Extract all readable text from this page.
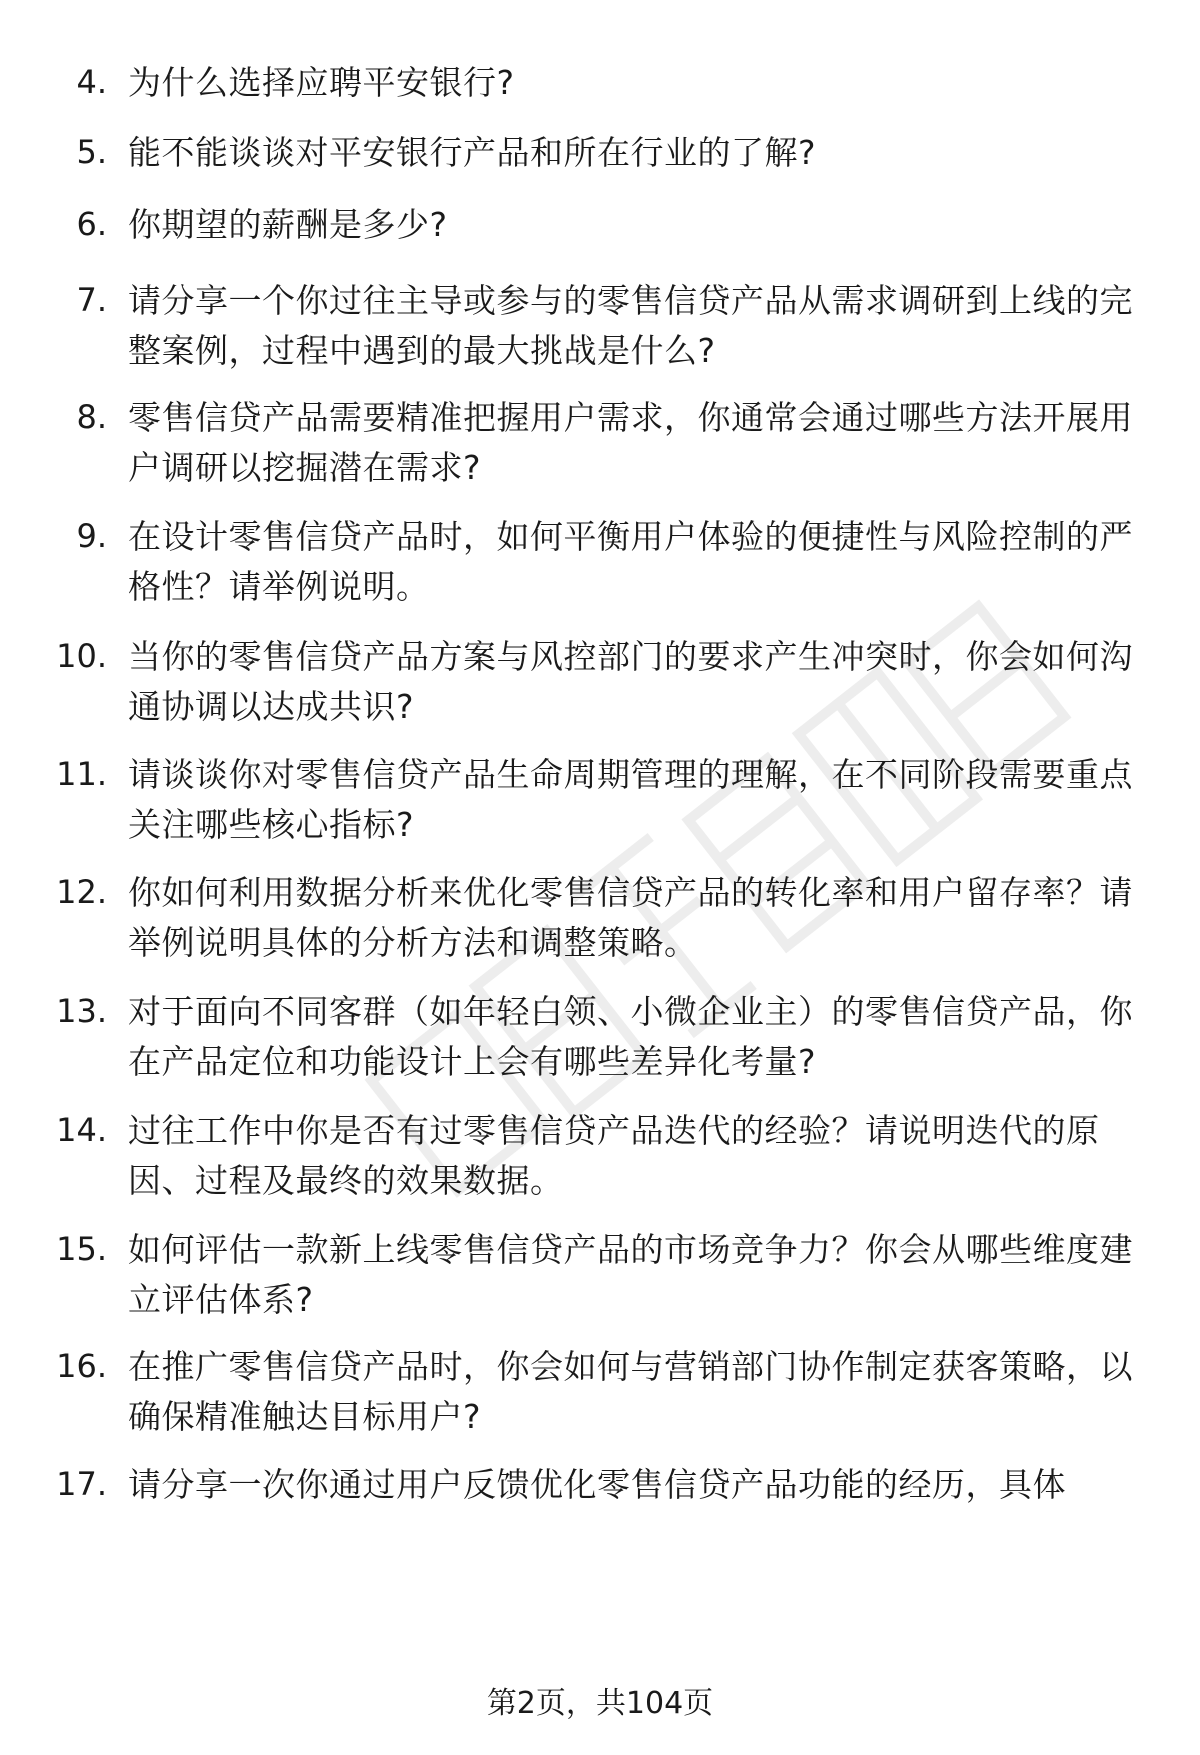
4. 为什么选择应聘平安银行?
5. 能不能谈谈对平安银行产品和所在行业的了解?
6. 你期望的薪酬是多少?
7. 请分享一个你过往主导或参与的零售信贷产品从需求调研到上线的完整案例，过程中遇到的最大挑战是什么?
8. 零售信贷产品需要精准把握用户需求，你通常会通过哪些方法开展用户调研以挖掘潜在需求?
9. 在设计零售信贷产品时，如何平衡用户体验的便捷性与风险控制的严格性？请举例说明。
10. 当你的零售信贷产品方案与风控部门的要求产生冲突时，你会如何沟通协调以达成共识?
11. 请谈谈你对零售信贷产品生命周期管理的理解，在不同阶段需要重点关注哪些核心指标?
12. 你如何利用数据分析来优化零售信贷产品的转化率和用户留存率？请举例说明具体的分析方法和调整策略。
13. 对于面向不同客群（如年轻白领、小微企业主）的零售信贷产品，你在产品定位和功能设计上会有哪些差异化考量?
14. 过往工作中你是否有过零售信贷产品迭代的经验？请说明迭代的原因、过程及最终的效果数据。
15. 如何评估一款新上线零售信贷产品的市场竞争力？你会从哪些维度建立评估体系?
16. 在推广零售信贷产品时，你会如何与营销部门协作制定获客策略，以确保精准触达目标用户?
17. 请分享一次你通过用户反馈优化零售信贷产品功能的经历，具体
第2页，共104页
